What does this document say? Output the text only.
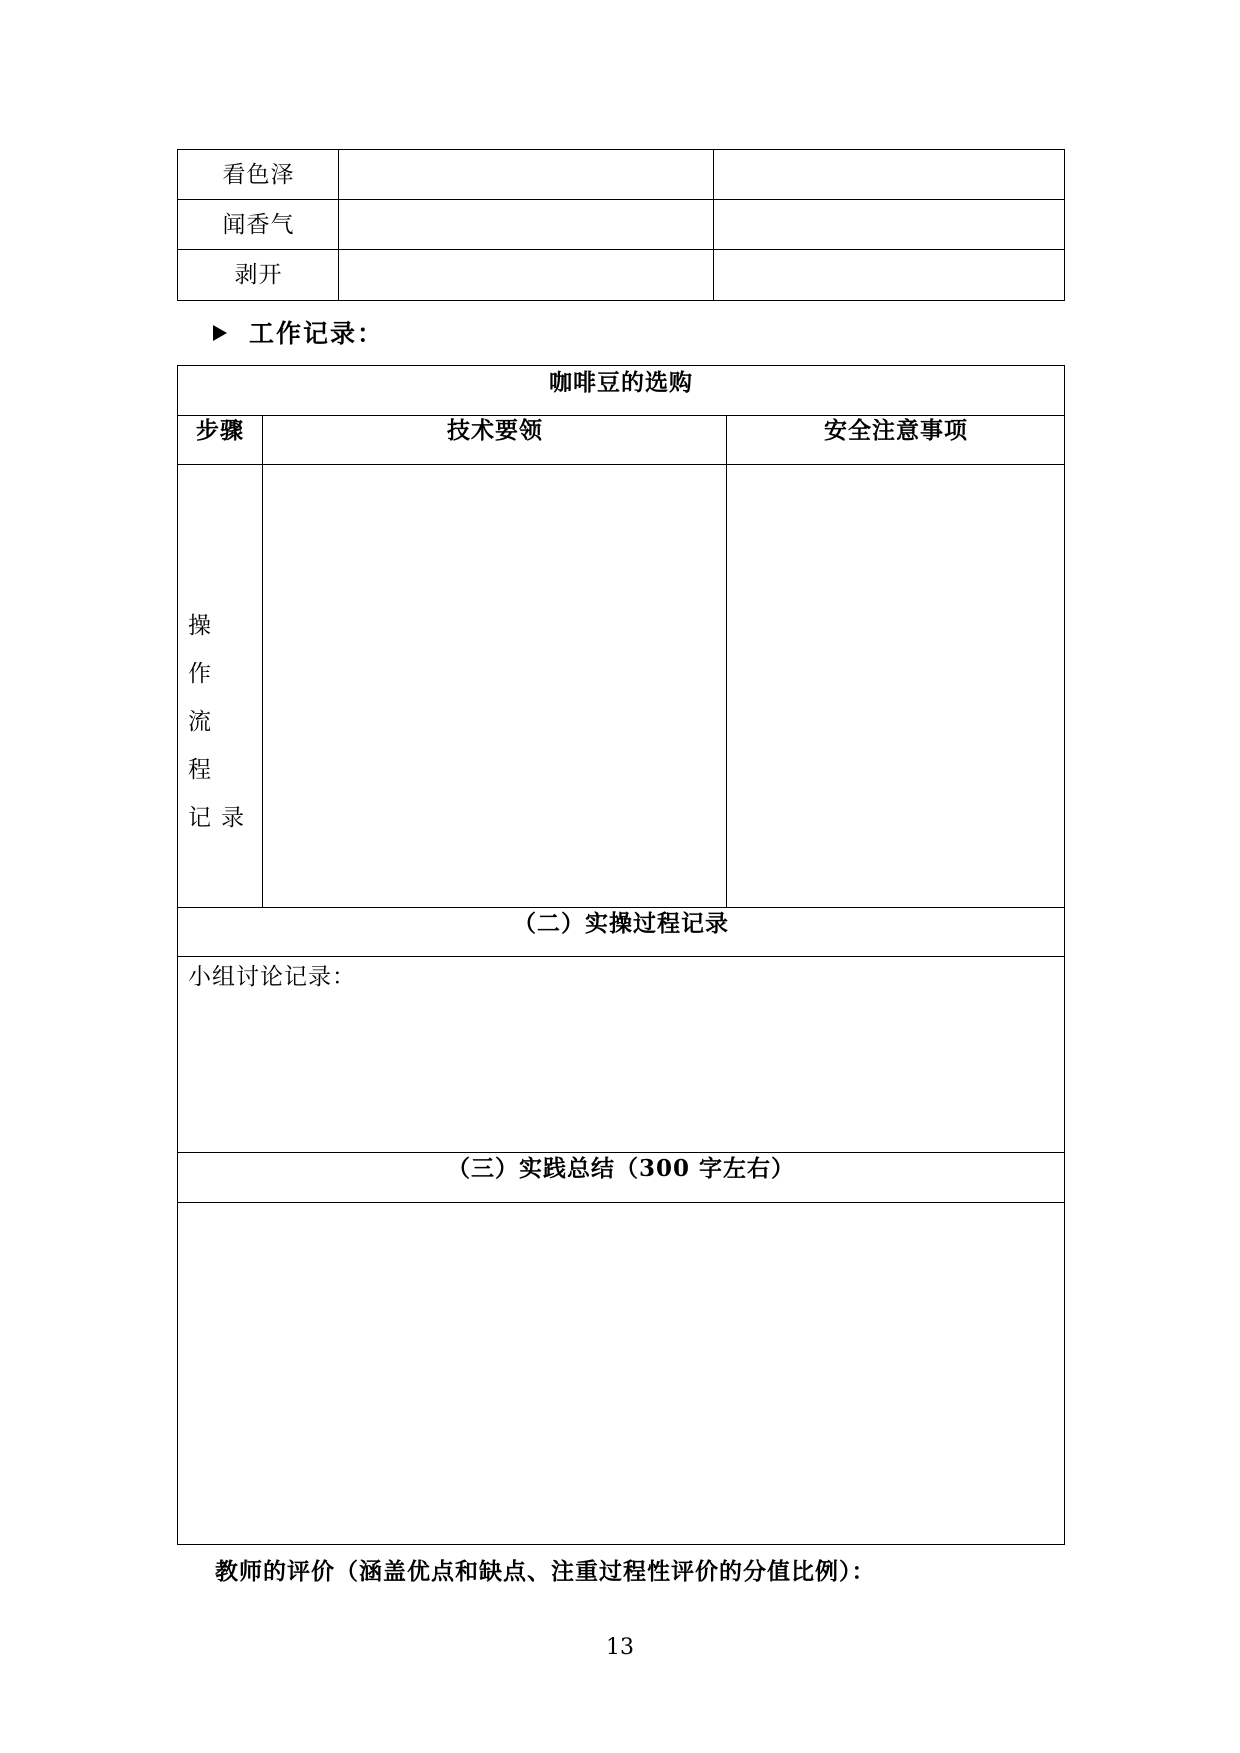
看色泽
闻香气
剥开
工作记录：
咖啡豆的选购
步骤	技术要领	安全注意事项
操 作
流 程
记录
（二）实操过程记录
小组讨论记录：
（三）实践总结（300 字左右）
教师的评价（涵盖优点和缺点、注重过程性评价的分值比例）：
13
